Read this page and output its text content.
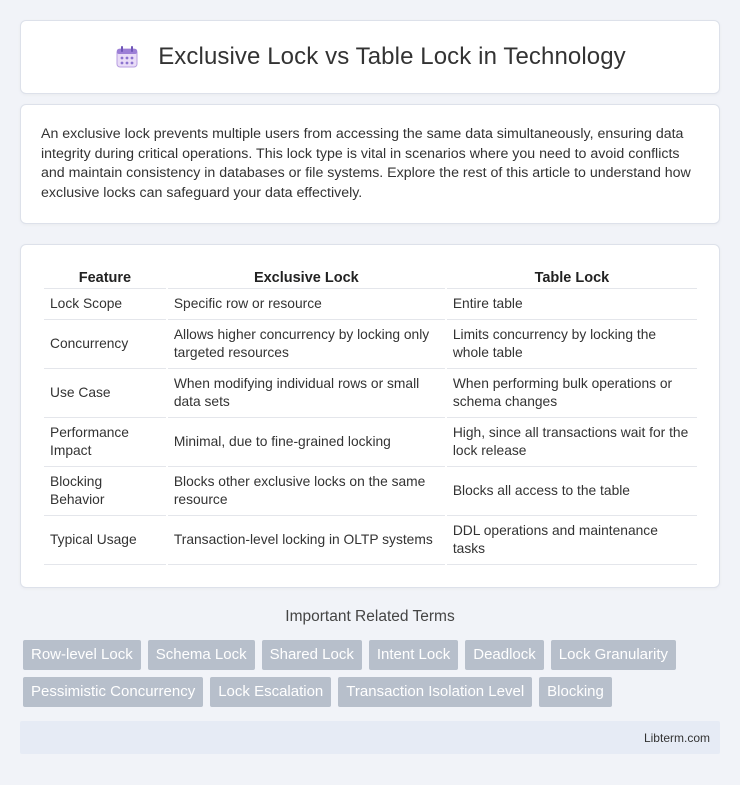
Exclusive Lock vs Table Lock in Technology

An exclusive lock prevents multiple users from accessing the same data simultaneously, ensuring data integrity during critical operations. This lock type is vital in scenarios where you need to avoid conflicts and maintain consistency in databases or file systems. Explore the rest of this article to understand how exclusive locks can safeguard your data effectively.

Feature	Exclusive Lock	Table Lock
Lock Scope	Specific row or resource	Entire table
Concurrency	Allows higher concurrency by locking only targeted resources	Limits concurrency by locking the whole table
Use Case	When modifying individual rows or small data sets	When performing bulk operations or schema changes
Performance Impact	Minimal, due to fine-grained locking	High, since all transactions wait for the lock release
Blocking Behavior	Blocks other exclusive locks on the same resource	Blocks all access to the table
Typical Usage	Transaction-level locking in OLTP systems	DDL operations and maintenance tasks
Important Related Terms
Row-level Lock	Schema Lock	Shared Lock	Intent Lock	Deadlock	Lock Granularity
Pessimistic Concurrency	Lock Escalation	Transaction Isolation Level	Blocking
Libterm.com
